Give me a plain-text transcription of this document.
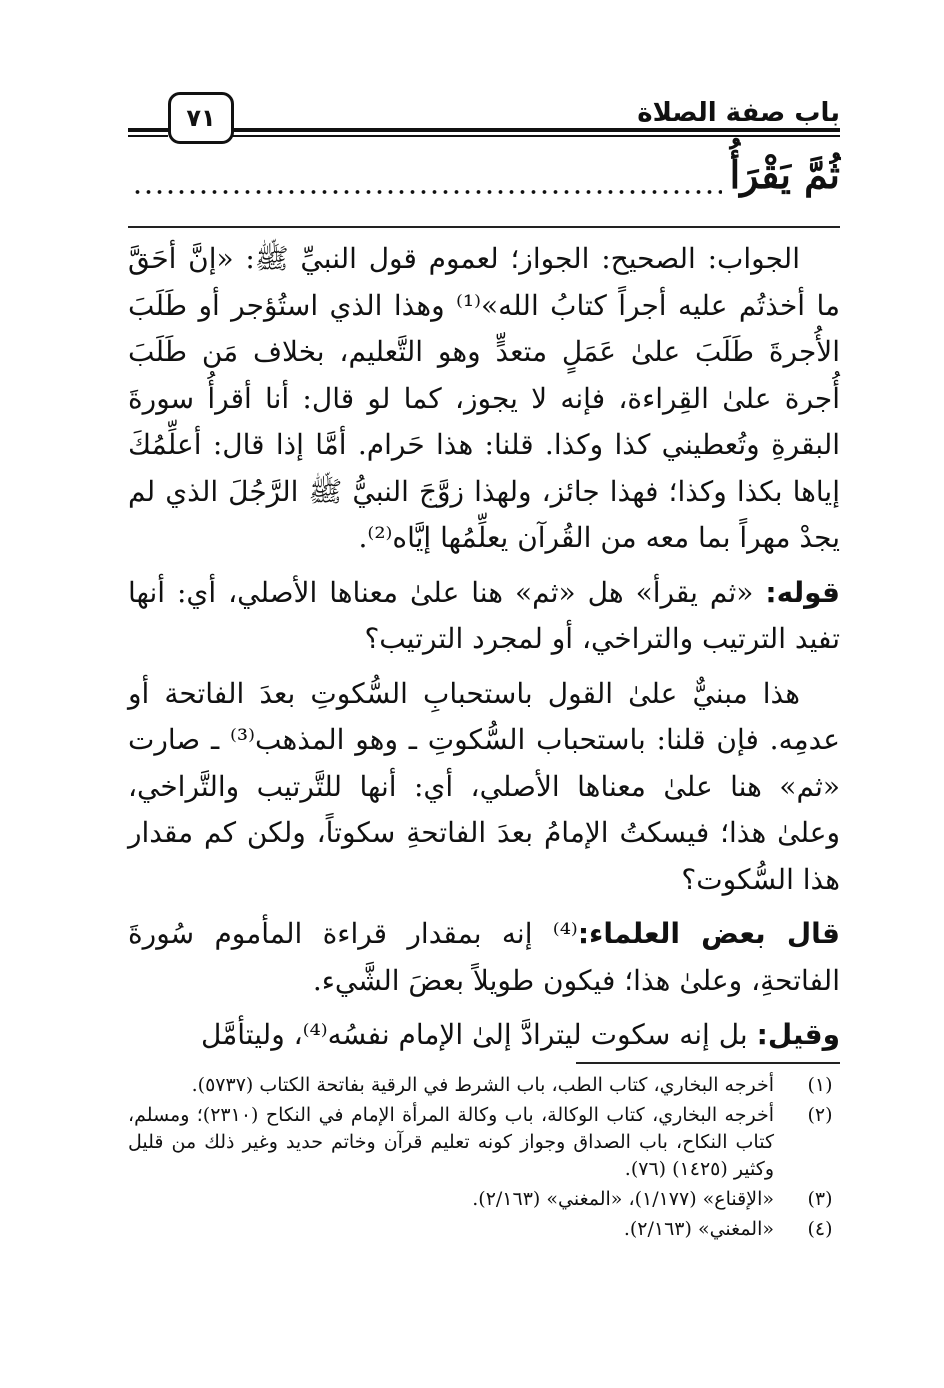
باب صفة الصلاة
٧١
ثُمَّ يَقْرَأُ

الجواب: الصحيح: الجواز؛ لعموم قول النبيِّ ﷺ: «إنَّ أحَقَّ ما أخذتُم عليه أجراً كتابُ الله»⁽¹⁾ وهذا الذي استُؤجر أو طَلَبَ الأُجرةَ طَلَبَ علىٰ عَمَلٍ متعدٍّ وهو التَّعليم، بخلاف مَن طَلَبَ أُجرة علىٰ القِراءة، فإنه لا يجوز، كما لو قال: أنا أقرأُ سورةَ البقرةِ وتُعطيني كذا وكذا. قلنا: هذا حَرام. أمَّا إذا قال: أعلِّمُكَ إياها بكذا وكذا؛ فهذا جائز، ولهذا زوَّجَ النبيُّ ﷺ الرَّجُلَ الذي لم يجدْ مهراً بما معه من القُرآن يعلِّمُها إيَّاه⁽²⁾.

قوله: «ثم يقرأ» هل «ثم» هنا علىٰ معناها الأصلي، أي: أنها تفيد الترتيب والتراخي، أو لمجرد الترتيب؟

هذا مبنيٌّ علىٰ القول باستحبابِ السُّكوتِ بعدَ الفاتحة أو عدمِه. فإن قلنا: باستحباب السُّكوتِ ـ وهو المذهب⁽³⁾ ـ صارت «ثم» هنا علىٰ معناها الأصلي، أي: أنها للتَّرتيب والتَّراخي، وعلىٰ هذا؛ فيسكتُ الإمامُ بعدَ الفاتحةِ سكوتاً، ولكن كم مقدار هذا السُّكوت؟

قال بعض العلماء:⁽⁴⁾ إنه بمقدار قراءة المأموم سُورةَ الفاتحةِ، وعلىٰ هذا؛ فيكون طويلاً بعضَ الشَّيء.

وقيل: بل إنه سكوت ليترادَّ إلىٰ الإمام نفسُه⁽⁴⁾، وليتأمَّل

(١)
أخرجه البخاري، كتاب الطب، باب الشرط في الرقية بفاتحة الكتاب (٥٧٣٧).
(٢)
أخرجه البخاري، كتاب الوكالة، باب وكالة المرأة الإمام في النكاح (٢٣١٠)؛ ومسلم، كتاب النكاح، باب الصداق وجواز كونه تعليم قرآن وخاتم حديد وغير ذلك من قليل وكثير (١٤٢٥) (٧٦).
(٣)
«الإقناع» (١/١٧٧)، «المغني» (٢/١٦٣).
(٤)
«المغني» (٢/١٦٣).
